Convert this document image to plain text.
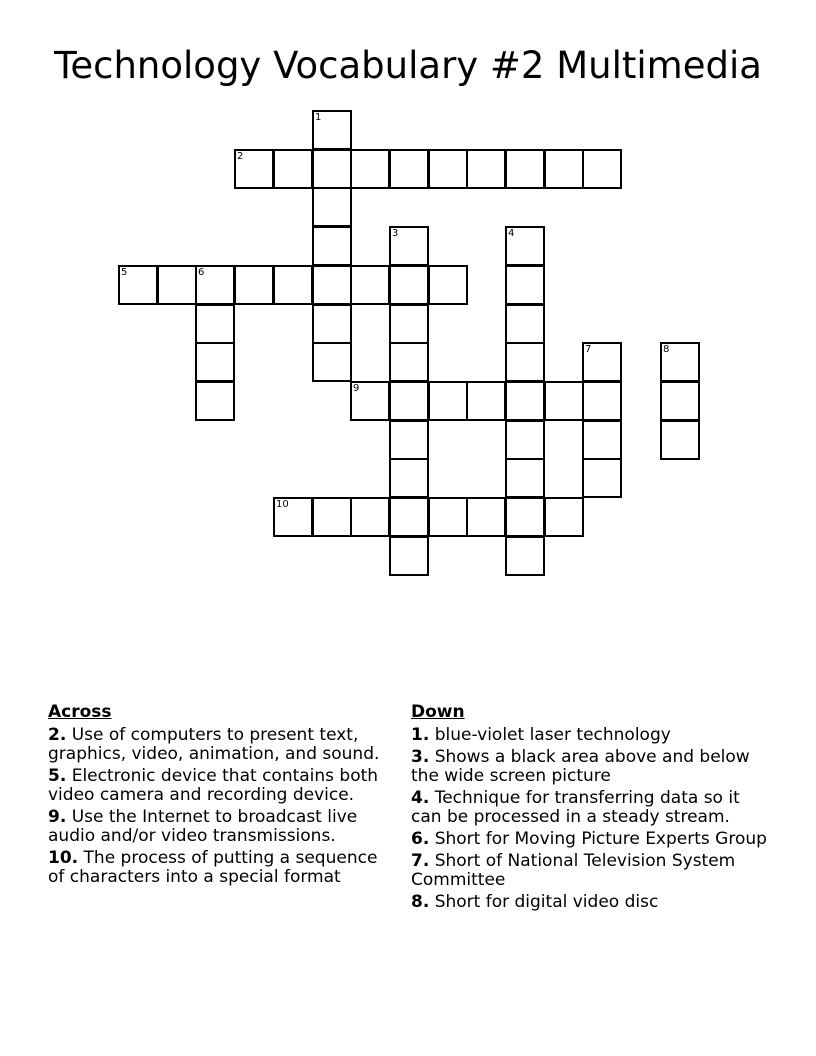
Technology Vocabulary #2 Multimedia
2
5	6
9
10
1
3	4
7	8
Across
2. Use of computers to present text, graphics, video, animation, and sound.
5. Electronic device that contains both video camera and recording device.
9. Use the Internet to broadcast live audio and/or video transmissions.
10. The process of putting a sequence of characters into a special format
Down
1. blue-violet laser technology
3. Shows a black area above and below the wide screen picture
4. Technique for transferring data so it can be processed in a steady stream.
6. Short for Moving Picture Experts Group
7. Short of National Television System Committee
8. Short for digital video disc
